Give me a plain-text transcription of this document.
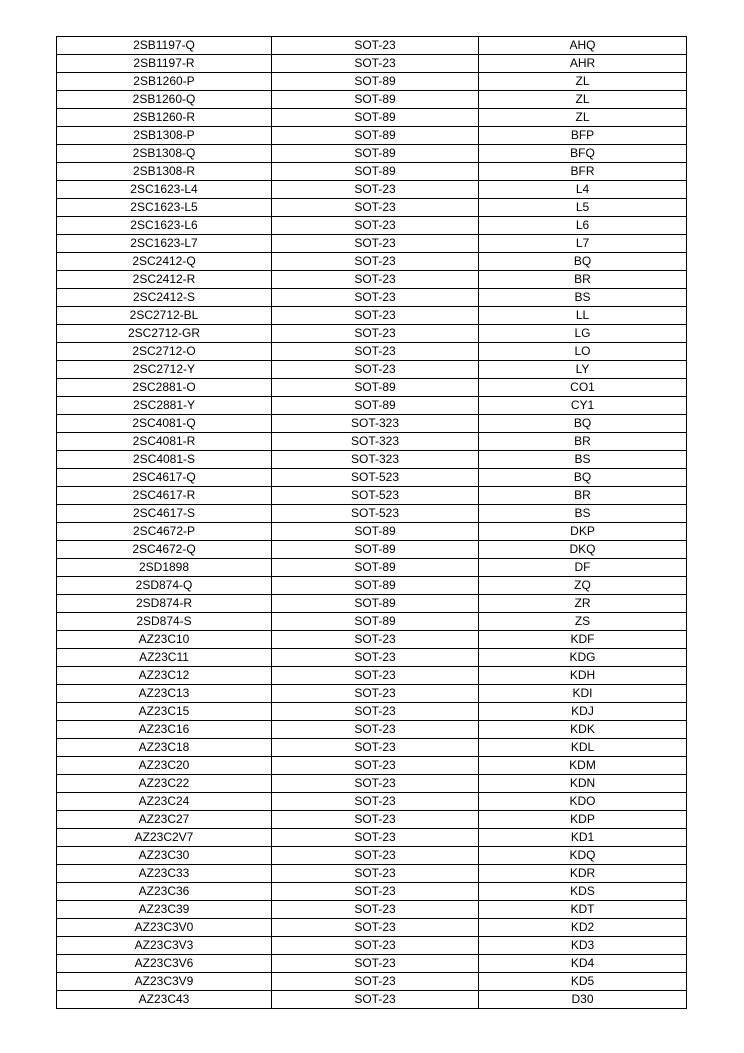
2SB1197-Q	SOT-23	AHQ
2SB1197-R	SOT-23	AHR
2SB1260-P	SOT-89	ZL
2SB1260-Q	SOT-89	ZL
2SB1260-R	SOT-89	ZL
2SB1308-P	SOT-89	BFP
2SB1308-Q	SOT-89	BFQ
2SB1308-R	SOT-89	BFR
2SC1623-L4	SOT-23	L4
2SC1623-L5	SOT-23	L5
2SC1623-L6	SOT-23	L6
2SC1623-L7	SOT-23	L7
2SC2412-Q	SOT-23	BQ
2SC2412-R	SOT-23	BR
2SC2412-S	SOT-23	BS
2SC2712-BL	SOT-23	LL
2SC2712-GR	SOT-23	LG
2SC2712-O	SOT-23	LO
2SC2712-Y	SOT-23	LY
2SC2881-O	SOT-89	CO1
2SC2881-Y	SOT-89	CY1
2SC4081-Q	SOT-323	BQ
2SC4081-R	SOT-323	BR
2SC4081-S	SOT-323	BS
2SC4617-Q	SOT-523	BQ
2SC4617-R	SOT-523	BR
2SC4617-S	SOT-523	BS
2SC4672-P	SOT-89	DKP
2SC4672-Q	SOT-89	DKQ
2SD1898	SOT-89	DF
2SD874-Q	SOT-89	ZQ
2SD874-R	SOT-89	ZR
2SD874-S	SOT-89	ZS
AZ23C10	SOT-23	KDF
AZ23C11	SOT-23	KDG
AZ23C12	SOT-23	KDH
AZ23C13	SOT-23	KDI
AZ23C15	SOT-23	KDJ
AZ23C16	SOT-23	KDK
AZ23C18	SOT-23	KDL
AZ23C20	SOT-23	KDM
AZ23C22	SOT-23	KDN
AZ23C24	SOT-23	KDO
AZ23C27	SOT-23	KDP
AZ23C2V7	SOT-23	KD1
AZ23C30	SOT-23	KDQ
AZ23C33	SOT-23	KDR
AZ23C36	SOT-23	KDS
AZ23C39	SOT-23	KDT
AZ23C3V0	SOT-23	KD2
AZ23C3V3	SOT-23	KD3
AZ23C3V6	SOT-23	KD4
AZ23C3V9	SOT-23	KD5
AZ23C43	SOT-23	D30
